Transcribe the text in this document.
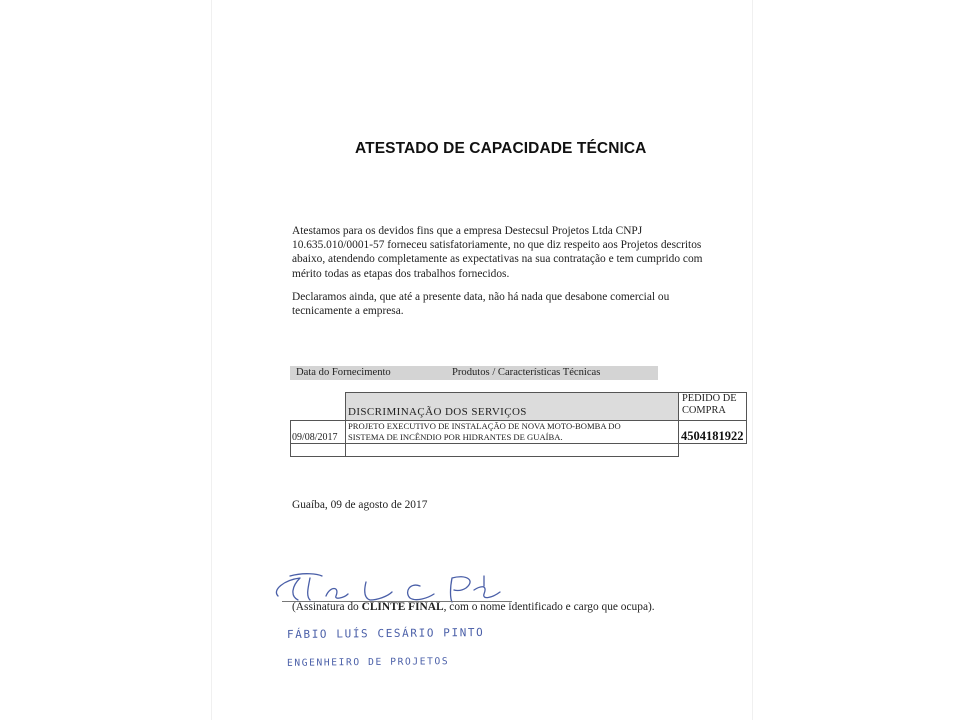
ATESTADO DE CAPACIDADE TÉCNICA
Atestamos para os devidos fins que a empresa Destecsul Projetos Ltda CNPJ
10.635.010/0001-57 forneceu satisfatoriamente, no que diz respeito aos Projetos descritos
abaixo, atendendo completamente as expectativas na sua contratação e tem cumprido com
mérito todas as etapas dos trabalhos fornecidos.
Declaramos ainda, que até a presente data, não há nada que desabone comercial ou
tecnicamente a empresa.
Data do Fornecimento	Produtos / Características Técnicas
DISCRIMINAÇÃO DOS SERVIÇOS
PEDIDO DE
COMPRA
09/08/2017
PROJETO EXECUTIVO DE INSTALAÇÃO DE NOVA MOTO-BOMBA DO
SISTEMA DE INCÊNDIO POR HIDRANTES DE GUAÍBA.	4504181922
Guaíba, 09 de agosto de 2017
(Assinatura do CLINTE FINAL, com o nome identificado e cargo que ocupa).
FÁBIO LUÍS CESÁRIO PINTO
ENGENHEIRO DE PROJETOS
